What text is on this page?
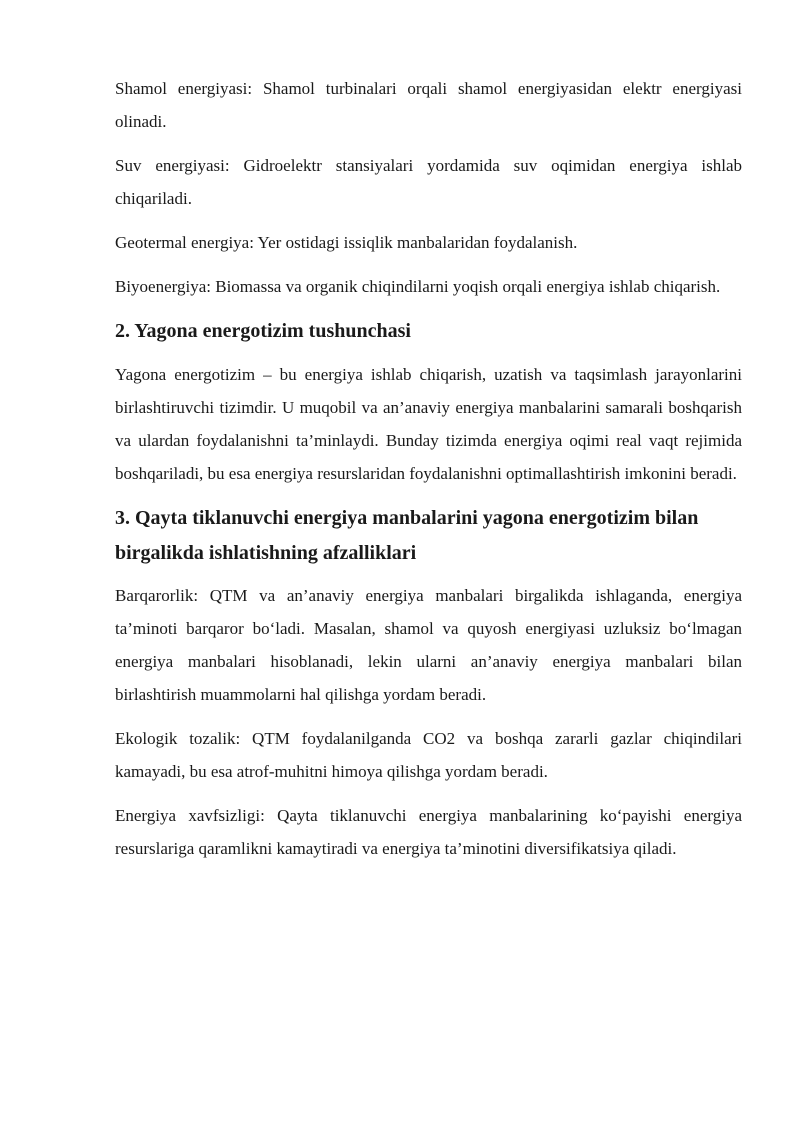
Shamol energiyasi: Shamol turbinalari orqali shamol energiyasidan elektr energiyasi olinadi.

Suv energiyasi: Gidroelektr stansiyalari yordamida suv oqimidan energiya ishlab chiqariladi.

Geotermal energiya: Yer ostidagi issiqlik manbalaridan foydalanish.

Biyoenergiya: Biomassa va organik chiqindilarni yoqish orqali energiya ishlab chiqarish.

2. Yagona energotizim tushunchasi

Yagona energotizim – bu energiya ishlab chiqarish, uzatish va taqsimlash jarayonlarini birlashtiruvchi tizimdir. U muqobil va an’anaviy energiya manbalarini samarali boshqarish va ulardan foydalanishni ta’minlaydi. Bunday tizimda energiya oqimi real vaqt rejimida boshqariladi, bu esa energiya resurslaridan foydalanishni optimallashtirish imkonini beradi.

3. Qayta tiklanuvchi energiya manbalarini yagona energotizim bilan birgalikda ishlatishning afzalliklari

Barqarorlik: QTM va an’anaviy energiya manbalari birgalikda ishlaganda, energiya ta’minoti barqaror bo‘ladi. Masalan, shamol va quyosh energiyasi uzluksiz bo‘lmagan energiya manbalari hisoblanadi, lekin ularni an’anaviy energiya manbalari bilan birlashtirish muammolarni hal qilishga yordam beradi.

Ekologik tozalik: QTM foydalanilganda CO2 va boshqa zararli gazlar chiqindilari kamayadi, bu esa atrof-muhitni himoya qilishga yordam beradi.

Energiya xavfsizligi: Qayta tiklanuvchi energiya manbalarining ko‘payishi energiya resurslariga qaramlikni kamaytiradi va energiya ta’minotini diversifikatsiya qiladi.
